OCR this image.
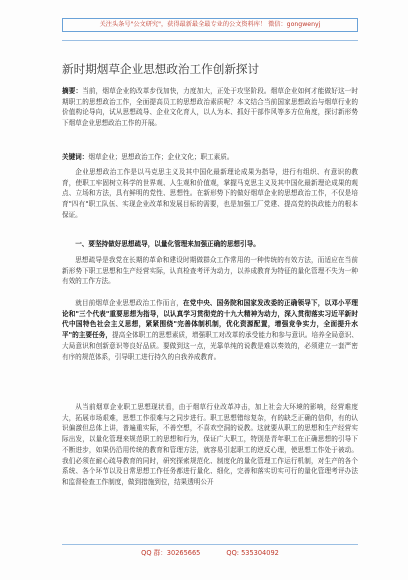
关注头条号"公文研究"，获得最新最全最专业的公文资料库！ 微信：gongwenyj
新时期烟草企业思想政治工作创新探讨

摘要：当前，烟草企业的改革步伐加快，力度加大，正处于攻坚阶段。烟草企业如何才能做好这一时期职工的思想政治工作，全面提高员工的思想政治素质呢？本文结合当前国家思想政治与烟草行业的价值构论导向，试从思想疏导、企业文化育人，以人为本、抓好干部作风等多方位角度，探讨新形势下烟草企业思想政治工作的开展。

关键词：烟草企业；思想政治工作；企业文化；职工素质。

企业思想政治工作是以马克思主义及其中国化最新理论成果为指导，进行有组织、有意识的教育，使职工牢固树立科学的世界观、人生观和价值观，掌握马克思主义及其中国化最新理论成果的观点、立场和方法，具有鲜明的党性、思想性。在新形势下的做好烟草企业的思想政治工作，不仅是培育"四有"职工队伍、实现企业改革和发展目标的需要，也是加强工厂党建、提高党的执政能力的根本保证。

一、要坚持做好思想疏导，以量化管理来加强正确的思想引导。

思想疏导是我党在长期的革命和建设时期做群众工作常用的一种传统的有效方法，而适应在当前新形势下职工思想和生产经营实际，认真检查考评为动力，以养成教育为特征的量化管理不失为一种有效的工作方法。

就目前烟草企业思想政治工作而言，在党中央、国务院和国家发改委的正确领导下，以邓小平理论和"三个代表"重要思想为指导，以认真学习贯彻党的十九大精神为动力，深入贯彻落实习近平新时代中国特色社会主义思想，紧紧围绕"完善体制机制，优化资源配置，增强竞争实力，全面提升水平"的主要任务，提高全体职工的思想素质，增强职工对改革的承受能力和参与意识。培养全局意识、大局意识和创新意识等良好品质。要做到这一点，光靠单纯的说教是难以奏效的，必须建立一套严密有序的规范体系，引导职工进行持久的自我养成教育。

从当前烟草企业职工思想现状看，由于烟草行业改革冲击，加上社会大环境的影响，经营难度大，拓展市场艰难，思想工作很难与之同步进行。职工思想错综复杂，有的缺乏正确的信仰，有的认识偏激但总体上讲，普遍重实际，不善空想，不喜欢空洞的说教。这就要从职工的思想和生产经营实际出发，以量化管理来规范职工的思想和行为，保证广大职工，特别是青年职工在正确思想的引导下不断进步，如果仍沿用传统的教育和管理方法，就容易引起职工的逆反心理，使思想工作处于被动。我们必须在耐心疏导教育的同时，研究探索规范化、制度化的量化管理工作运行机制，对生产的各个系统、各个环节以及日常思想工作任务都进行量化、细化，完善和落实切实可行的量化管理考评办法和监督检查工作制度，做到措施到位，结果透明公开

QQ 群：30265665	QQ: 535304092
